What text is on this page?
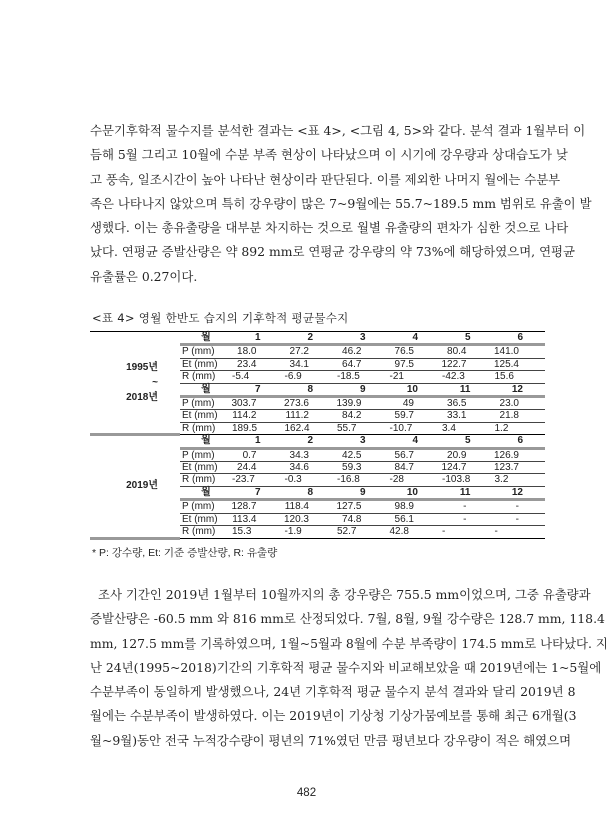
수문기후학적 물수지를 분석한 결과는 <표 4>, <그림 4, 5>와 같다. 분석 결과 1월부터 이
듬해 5월 그리고 10월에 수분 부족 현상이 나타났으며 이 시기에 강우량과 상대습도가 낮
고 풍속, 일조시간이 높아 나타난 현상이라 판단된다. 이를 제외한 나머지 월에는 수분부
족은 나타나지 않았으며 특히 강우량이 많은 7~9월에는 55.7~189.5 mm 범위로 유출이 발
생했다. 이는 총유출량을 대부분 차지하는 것으로 월별 유출량의 편차가 심한 것으로 나타
났다. 연평균 증발산량은 약 892 mm로 연평균 강우량의 약 73%에 해당하였으며, 연평균
유출률은 0.27이다.
<표 4> 영월 한반도 습지의 기후학적 평균물수지
1995년
~
2018년	월	1	2	3	4	5	6
	P (mm)	18.0	27.2	46.2	76.5	80.4	141.0
	Et (mm)	23.4	34.1	64.7	97.5	122.7	125.4
	R (mm)	-5.4	-6.9	-18.5	-21	-42.3	15.6
	월	7	8	9	10	11	12
	P (mm)	303.7	273.6	139.9	49	36.5	23.0
	Et (mm)	114.2	111.2	84.2	59.7	33.1	21.8
	R (mm)	189.5	162.4	55.7	-10.7	3.4	1.2

2019년	월	1	2	3	4	5	6
	P (mm)	0.7	34.3	42.5	56.7	20.9	126.9
	Et (mm)	24.4	34.6	59.3	84.7	124.7	123.7
	R (mm)	-23.7	-0.3	-16.8	-28	-103.8	3.2
	월	7	8	9	10	11	12
	P (mm)	128.7	118.4	127.5	98.9	-	-
	Et (mm)	113.4	120.3	74.8	56.1	-	-
	R (mm)	15.3	-1.9	52.7	42.8	-	-
* P: 강수량, Et: 기준 증발산량, R: 유출량
조사 기간인 2019년 1월부터 10월까지의 총 강우량은 755.5 mm이었으며, 그중 유출량과
증발산량은 -60.5 mm 와 816 mm로 산정되었다. 7월, 8월, 9월 강수량은 128.7 mm, 118.4
mm, 127.5 mm를 기록하였으며, 1월~5월과 8월에 수분 부족량이 174.5 mm로 나타났다. 지
난 24년(1995~2018)기간의 기후학적 평균 물수지와 비교해보았을 때 2019년에는 1~5월에
수분부족이 동일하게 발생했으나, 24년 기후학적 평균 물수지 분석 결과와 달리 2019년 8
월에는 수분부족이 발생하였다. 이는 2019년이 기상청 기상가뭄예보를 통해 최근 6개월(3
월~9월)동안 전국 누적강수량이 평년의 71%였던 만큼 평년보다 강우량이 적은 해였으며
482
